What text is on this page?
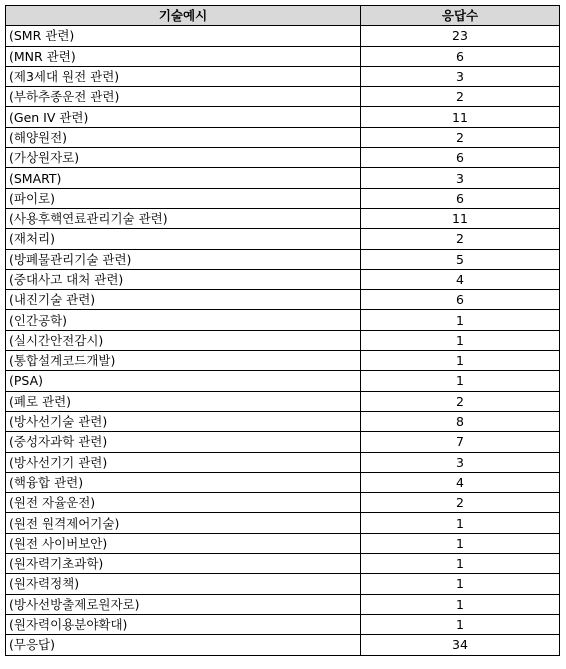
기술예시	응답수
(SMR 관련)	23
(MNR 관련)	6
(제3세대 원전 관련)	3
(부하추종운전 관련)	2
(Gen IV 관련)	11
(해양원전)	2
(가상원자로)	6
(SMART)	3
(파이로)	6
(사용후핵연료관리기술 관련)	11
(재처리)	2
(방폐물관리기술 관련)	5
(중대사고 대처 관련)	4
(내진기술 관련)	6
(인간공학)	1
(실시간안전감시)	1
(통합설계코드개발)	1
(PSA)	1
(폐로 관련)	2
(방사선기술 관련)	8
(중성자과학 관련)	7
(방사선기기 관련)	3
(핵융합 관련)	4
(원전 자율운전)	2
(원전 원격제어기술)	1
(원전 사이버보안)	1
(원자력기초과학)	1
(원자력정책)	1
(방사선방출제로원자로)	1
(원자력이용분야확대)	1
(무응답)	34
